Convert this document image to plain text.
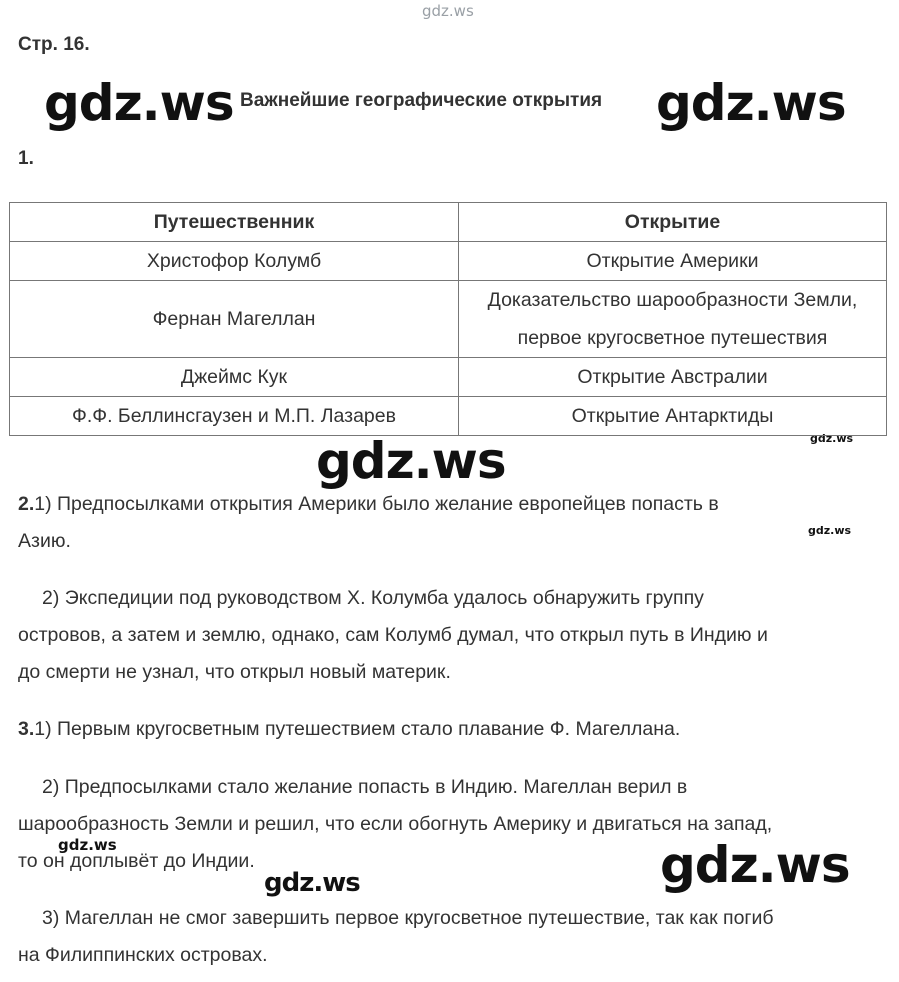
gdz.ws
gdz.ws	gdz.ws
gdz.ws	gdz.ws
gdz.ws
gdz.ws
gdz.ws	gdz.ws
Стр. 16.
Важнейшие географические открытия
1.
Путешественник	Открытие
Христофор Колумб	Открытие Америки
Фернан Магеллан	Доказательство шарообразности Земли,
первое кругосветное путешествия

Джеймс Кук	Открытие Австралии
Ф.Ф. Беллинсгаузен и М.П. Лазарев	Открытие Антарктиды
2.1) Предпосылками открытия Америки было желание европейцев попасть в
Азию.
2) Экспедиции под руководством Х. Колумба удалось обнаружить группу
островов, а затем и землю, однако, сам Колумб думал, что открыл путь в Индию и
до смерти не узнал, что открыл новый материк.
3.1) Первым кругосветным путешествием стало плавание Ф. Магеллана.
2) Предпосылками стало желание попасть в Индию. Магеллан верил в
шарообразность Земли и решил, что если обогнуть Америку и двигаться на запад,
то он доплывёт до Индии.
3) Магеллан не смог завершить первое кругосветное путешествие, так как погиб
на Филиппинских островах.
